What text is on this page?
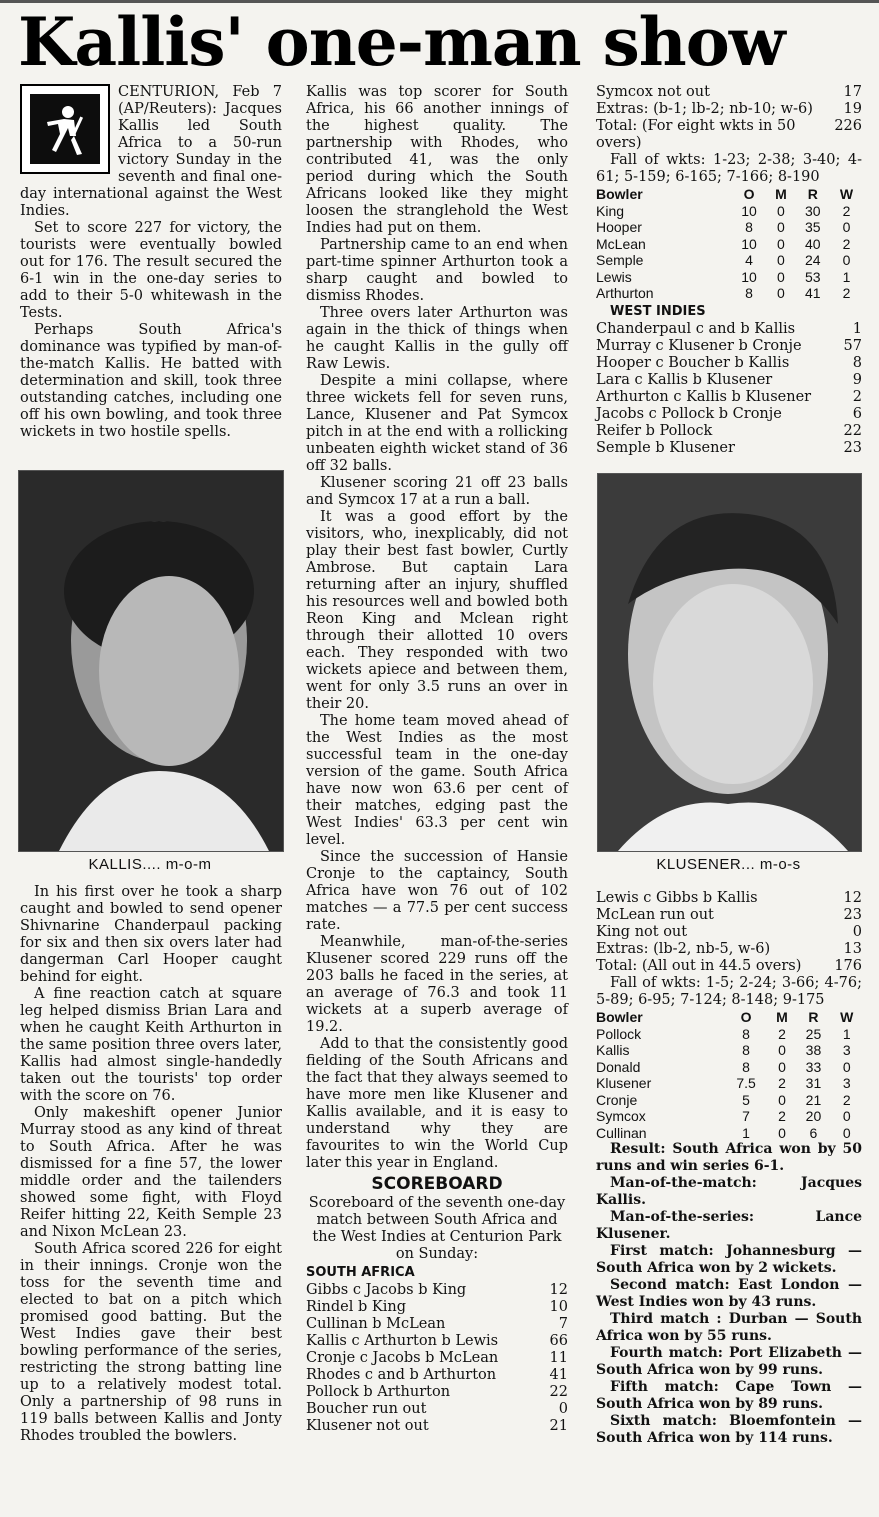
Kallis' one-man show

CENTURION, Feb 7 (AP/Reuters): Jacques Kallis led South Africa to a 50-run victory Sunday in the seventh and final one-day international against the West Indies.

Set to score 227 for victory, the tourists were eventually bowled out for 176. The result secured the 6-1 win in the one-day series to add to their 5-0 whitewash in the Tests.

Perhaps South Africa's dominance was typified by man-of-the-match Kallis. He batted with determination and skill, took three outstanding catches, including one off his own bowling, and took three wickets in two hostile spells.

KALLIS.... m-o-m	KLUSENER... m-o-s

In his first over he took a sharp caught and bowled to send opener Shivnarine Chanderpaul packing for six and then six overs later had dangerman Carl Hooper caught behind for eight.

A fine reaction catch at square leg helped dismiss Brian Lara and when he caught Keith Arthurton in the same position three overs later, Kallis had almost single-handedly taken out the tourists' top order with the score on 76.

Only makeshift opener Junior Murray stood as any kind of threat to South Africa. After he was dismissed for a fine 57, the lower middle order and the tailenders showed some fight, with Floyd Reifer hitting 22, Keith Semple 23 and Nixon McLean 23.

South Africa scored 226 for eight in their innings. Cronje won the toss for the seventh time and elected to bat on a pitch which promised good batting. But the West Indies gave their best bowling performance of the series, restricting the strong batting line up to a relatively modest total. Only a partnership of 98 runs in 119 balls between Kallis and Jonty Rhodes troubled the bowlers.

Kallis was top scorer for South Africa, his 66 another innings of the highest quality. The partnership with Rhodes, who contributed 41, was the only period during which the South Africans looked like they might loosen the stranglehold the West Indies had put on them.

Partnership came to an end when part-time spinner Arthurton took a sharp caught and bowled to dismiss Rhodes.

Three overs later Arthurton was again in the thick of things when he caught Kallis in the gully off Raw Lewis.

Despite a mini collapse, where three wickets fell for seven runs, Lance, Klusener and Pat Symcox pitch in at the end with a rollicking unbeaten eighth wicket stand of 36 off 32 balls.

Klusener scoring 21 off 23 balls and Symcox 17 at a run a ball.

It was a good effort by the visitors, who, inexplicably, did not play their best fast bowler, Curtly Ambrose. But captain Lara returning after an injury, shuffled his resources well and bowled both Reon King and Mclean right through their allotted 10 overs each. They responded with two wickets apiece and between them, went for only 3.5 runs an over in their 20.

The home team moved ahead of the West Indies as the most successful team in the one-day version of the game. South Africa have now won 63.6 per cent of their matches, edging past the West Indies' 63.3 per cent win level.

Since the succession of Hansie Cronje to the captaincy, South Africa have won 76 out of 102 matches — a 77.5 per cent success rate.

Meanwhile, man-of-the-series Klusener scored 229 runs off the 203 balls he faced in the series, at an average of 76.3 and took 11 wickets at a superb average of 19.2.

Add to that the consistently good fielding of the South Africans and the fact that they always seemed to have more men like Klusener and Kallis available, and it is easy to understand why they are favourites to win the World Cup later this year in England.

SCOREBOARD

Scoreboard of the seventh one-day match between South Africa and the West Indies at Centurion Park on Sunday:

SOUTH AFRICA
Gibbs c Jacobs b King	12
Rindel b King	10
Cullinan b McLean	7
Kallis c Arthurton b Lewis	66
Cronje c Jacobs b McLean	11
Rhodes c and b Arthurton	41
Pollock b Arthurton	22
Boucher run out	0
Klusener not out	21
Symcox not out	17
Extras: (b-1; lb-2; nb-10; w-6)	19
Total: (For eight wkts in 50 overs)
226

Fall of wkts: 1-23; 2-38; 3-40; 4-61; 5-159; 6-165; 7-166; 8-190

Bowler	O	M	R	W
King	10	0	30	2
Hooper	8	0	35	0
McLean	10	0	40	2
Semple	4	0	24	0
Lewis	10	0	53	1
Arthurton	8	0	41	2
WEST INDIES
Chanderpaul c and b Kallis	1
Murray c Klusener b Cronje	57
Hooper c Boucher b Kallis	8
Lara c Kallis b Klusener	9
Arthurton c Kallis b Klusener	2
Jacobs c Pollock b Cronje	6
Reifer b Pollock	22
Semple b Klusener	23
Lewis c Gibbs b Kallis	12
McLean run out	23
King not out	0
Extras: (lb-2, nb-5, w-6)	13
Total: (All out in 44.5 overs) 176

Fall of wkts: 1-5; 2-24; 3-66; 4-76; 5-89; 6-95; 7-124; 8-148; 9-175

Bowler	O	M	R	W
Pollock	8	2	25	1
Kallis	8	0	38	3
Donald	8	0	33	0
Klusener	7.5	2	31	3
Cronje	5	0	21	2
Symcox	7	2	20	0
Cullinan	1	0	6	0

Result: South Africa won by 50 runs and win series 6-1.

Man-of-the-match: Jacques Kallis.

Man-of-the-series: Lance Klusener.

First match: Johannesburg — South Africa won by 2 wickets.

Second match: East London — West Indies won by 43 runs.

Third match : Durban — South Africa won by 55 runs.

Fourth match: Port Elizabeth — South Africa won by 99 runs.

Fifth match: Cape Town — South Africa won by 89 runs.

Sixth match: Bloemfontein — South Africa won by 114 runs.
